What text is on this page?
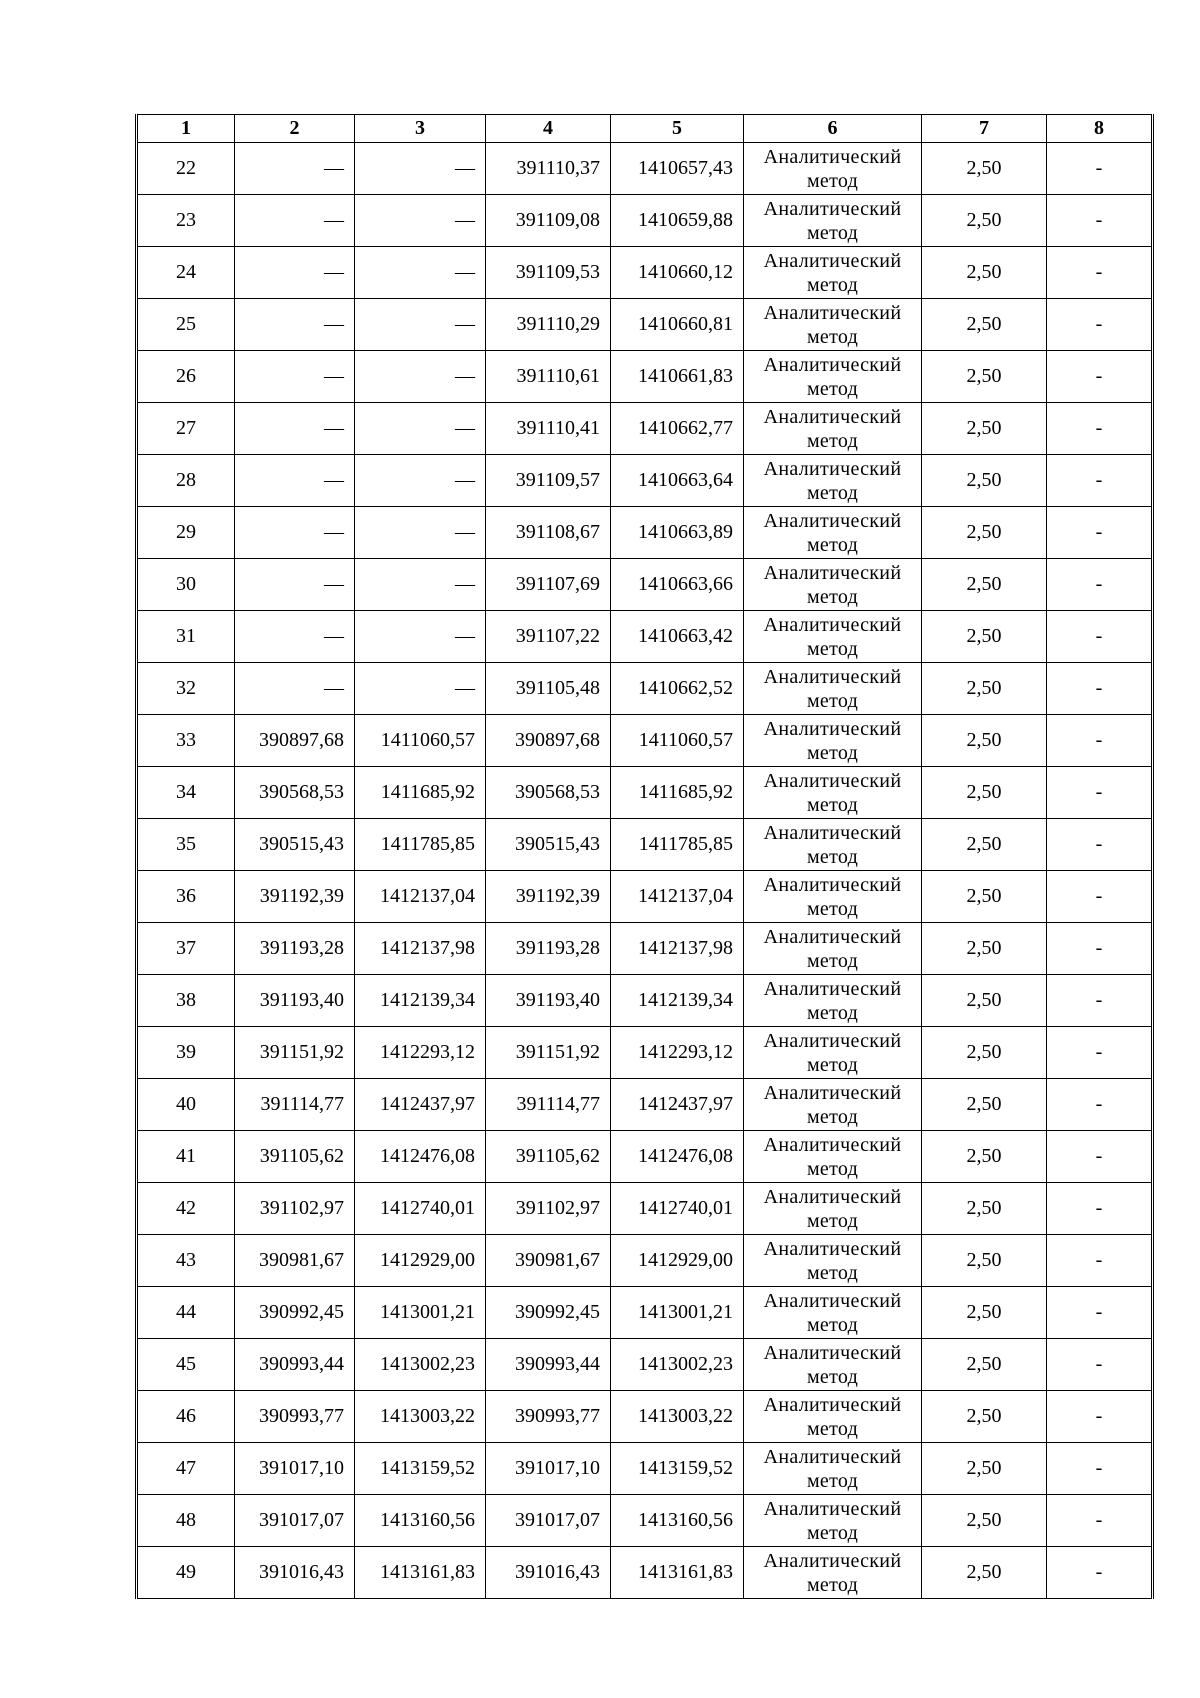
1	2	3	4	5	6	7	8
22	—	—	391110,37	1410657,43	Аналитический метод	2,50	-
23	—	—	391109,08	1410659,88	Аналитический метод	2,50	-
24	—	—	391109,53	1410660,12	Аналитический метод	2,50	-
25	—	—	391110,29	1410660,81	Аналитический метод	2,50	-
26	—	—	391110,61	1410661,83	Аналитический метод	2,50	-
27	—	—	391110,41	1410662,77	Аналитический метод	2,50	-
28	—	—	391109,57	1410663,64	Аналитический метод	2,50	-
29	—	—	391108,67	1410663,89	Аналитический метод	2,50	-
30	—	—	391107,69	1410663,66	Аналитический метод	2,50	-
31	—	—	391107,22	1410663,42	Аналитический метод	2,50	-
32	—	—	391105,48	1410662,52	Аналитический метод	2,50	-
33	390897,68	1411060,57	390897,68	1411060,57	Аналитический метод	2,50	-
34	390568,53	1411685,92	390568,53	1411685,92	Аналитический метод	2,50	-
35	390515,43	1411785,85	390515,43	1411785,85	Аналитический метод	2,50	-
36	391192,39	1412137,04	391192,39	1412137,04	Аналитический метод	2,50	-
37	391193,28	1412137,98	391193,28	1412137,98	Аналитический метод	2,50	-
38	391193,40	1412139,34	391193,40	1412139,34	Аналитический метод	2,50	-
39	391151,92	1412293,12	391151,92	1412293,12	Аналитический метод	2,50	-
40	391114,77	1412437,97	391114,77	1412437,97	Аналитический метод	2,50	-
41	391105,62	1412476,08	391105,62	1412476,08	Аналитический метод	2,50	-
42	391102,97	1412740,01	391102,97	1412740,01	Аналитический метод	2,50	-
43	390981,67	1412929,00	390981,67	1412929,00	Аналитический метод	2,50	-
44	390992,45	1413001,21	390992,45	1413001,21	Аналитический метод	2,50	-
45	390993,44	1413002,23	390993,44	1413002,23	Аналитический метод	2,50	-
46	390993,77	1413003,22	390993,77	1413003,22	Аналитический метод	2,50	-
47	391017,10	1413159,52	391017,10	1413159,52	Аналитический метод	2,50	-
48	391017,07	1413160,56	391017,07	1413160,56	Аналитический метод	2,50	-
49	391016,43	1413161,83	391016,43	1413161,83	Аналитический метод	2,50	-
